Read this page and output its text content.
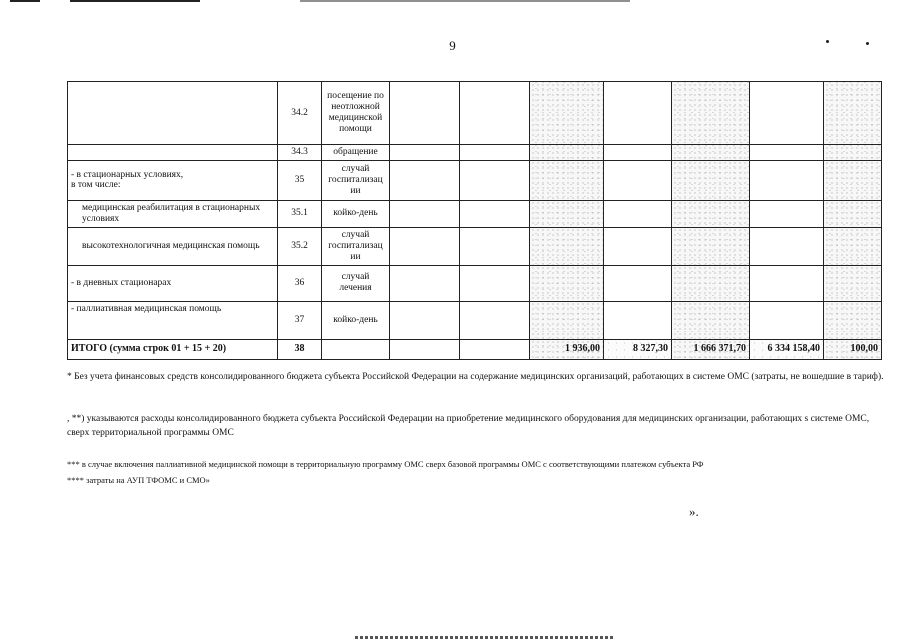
9
	34.2	посещение по
неотложной
медицинской
помощи							
	34.3	обращение							
- в стационарных условиях,
в том числе:	35	случай
госпитализац
ии							
медицинская реабилитация в стационарных условиях	35.1	койко-день							
высокотехнологичная медицинская помощь	35.2	случай
госпитализац
ии							
- в дневных стационарах	36	случай
лечения							
- паллиативная медицинская помощь	37	койко-день							
ИТОГО (сумма строк 01 + 15 + 20)	38				1 936,00	8 327,30	1 666 371,70	6 334 158,40	100,00
* Без учета финансовых средств консолидированного бюджета субъекта Российской Федерации на содержание медицинских организаций, работающих в системе ОМС (затраты, не вошедшие в тариф).
, **) указываются расходы консолидированного бюджета субъекта Российской Федерации на приобретение медицинского оборудования для медицинских организации, работающих s системе ОМС, сверх территориальной программы ОМС
*** в случае включения паллиативной медицинской помощи в территориальную программу ОМС сверх базовой программы ОМС с соответствующими платежом субъекта РФ
**** затраты на АУП ТФОМС и СМО»
».
